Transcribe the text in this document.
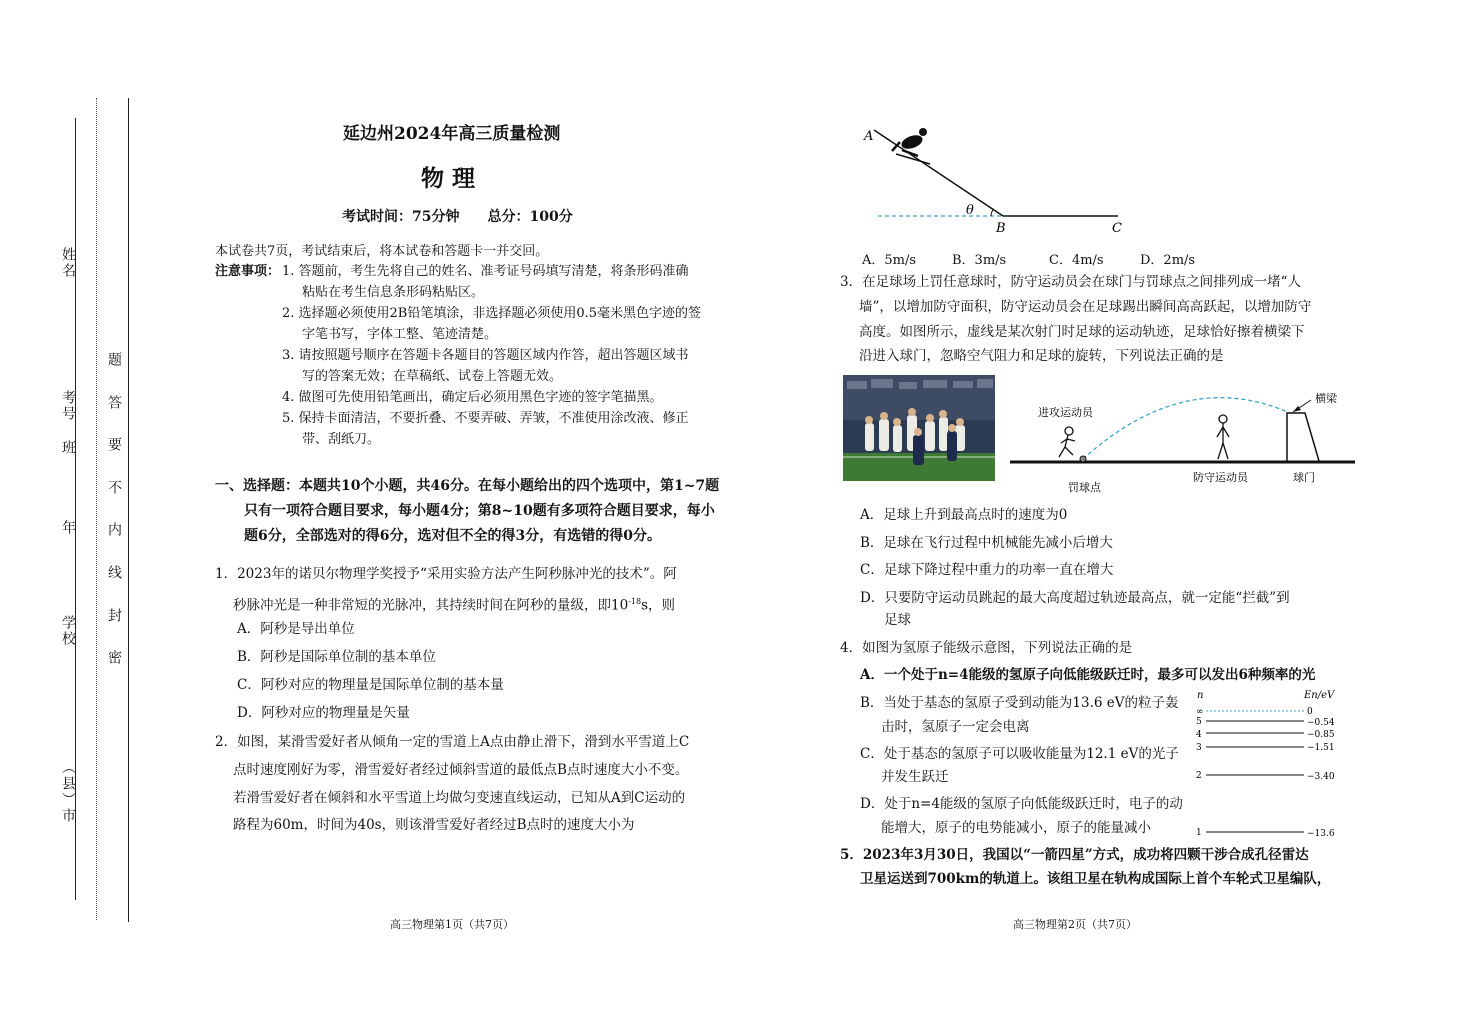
姓名
考号
班
年
学校
（县）市
密
封
线
内
不
要
答
题
延边州2024年高三质量检测
物 理
考试时间：75分钟　　总分：100分
本试卷共7页，考试结束后，将本试卷和答题卡一并交回。
注意事项： 1. 答题前，考生先将自己的姓名、准考证号码填写清楚，将条形码准确
粘贴在考生信息条形码粘贴区。
2. 选择题必须使用2B铅笔填涂，非选择题必须使用0.5毫米黑色字迹的签
字笔书写，字体工整、笔迹清楚。
3. 请按照题号顺序在答题卡各题目的答题区域内作答，超出答题区域书
写的答案无效；在草稿纸、试卷上答题无效。
4. 做图可先使用铅笔画出，确定后必须用黑色字迹的签字笔描黑。
5. 保持卡面清洁，不要折叠、不要弄破、弄皱，不准使用涂改液、修正
带、刮纸刀。
一、选择题：本题共10个小题，共46分。在每小题给出的四个选项中，第1~7题
只有一项符合题目要求，每小题4分；第8~10题有多项符合题目要求，每小
题6分，全部选对的得6分，选对但不全的得3分，有选错的得0分。
1．2023年的诺贝尔物理学奖授予“采用实验方法产生阿秒脉冲光的技术”。阿
秒脉冲光是一种非常短的光脉冲，其持续时间在阿秒的量级，即$10^{-18}s$，则
A．阿秒是导出单位
B．阿秒是国际单位制的基本单位
C．阿秒对应的物理量是国际单位制的基本量
D．阿秒对应的物理量是矢量
2．如图，某滑雪爱好者从倾角一定的雪道上A点由静止滑下，滑到水平雪道上C
点时速度刚好为零，滑雪爱好者经过倾斜雪道的最低点B点时速度大小不变。
若滑雪爱好者在倾斜和水平雪道上均做匀变速直线运动，已知从A到C运动的
路程为60m，时间为40s，则该滑雪爱好者经过B点时的速度大小为
高三物理第1页（共7页）
A
θ
B	C
A．5m/s	B．3m/s	C．4m/s	D．2m/s
3．在足球场上罚任意球时，防守运动员会在球门与罚球点之间排列成一堵“人
墙”，以增加防守面积，防守运动员会在足球踢出瞬间高高跃起，以增加防守
高度。如图所示，虚线是某次射门时足球的运动轨迹，足球恰好擦着横梁下
沿进入球门，忽略空气阻力和足球的旋转，下列说法正确的是
进攻运动员
横梁
罚球点
防守运动员	球门
A．足球上升到最高点时的速度为0
B．足球在飞行过程中机械能先减小后增大
C．足球下降过程中重力的功率一直在增大
D．只要防守运动员跳起的最大高度超过轨迹最高点，就一定能“拦截”到
足球
4．如图为氢原子能级示意图，下列说法正确的是
A．一个处于n=4能级的氢原子向低能级跃迁时，最多可以发出6种频率的光
B．当处于基态的氢原子受到动能为13.6 eV的粒子轰
击时，氢原子一定会电离
C．处于基态的氢原子可以吸收能量为12.1 eV的光子
并发生跃迁
D．处于n=4能级的氢原子向低能级跃迁时，电子的动
能增大，原子的电势能减小，原子的能量减小
n	En/eV
∞	0
5	−0.54
4	−0.85
3	−1.51
2	−3.40
1	−13.6
5．2023年3月30日，我国以“一箭四星”方式，成功将四颗干涉合成孔径雷达
卫星运送到700km的轨道上。该组卫星在轨构成国际上首个车轮式卫星编队，
高三物理第2页（共7页）
